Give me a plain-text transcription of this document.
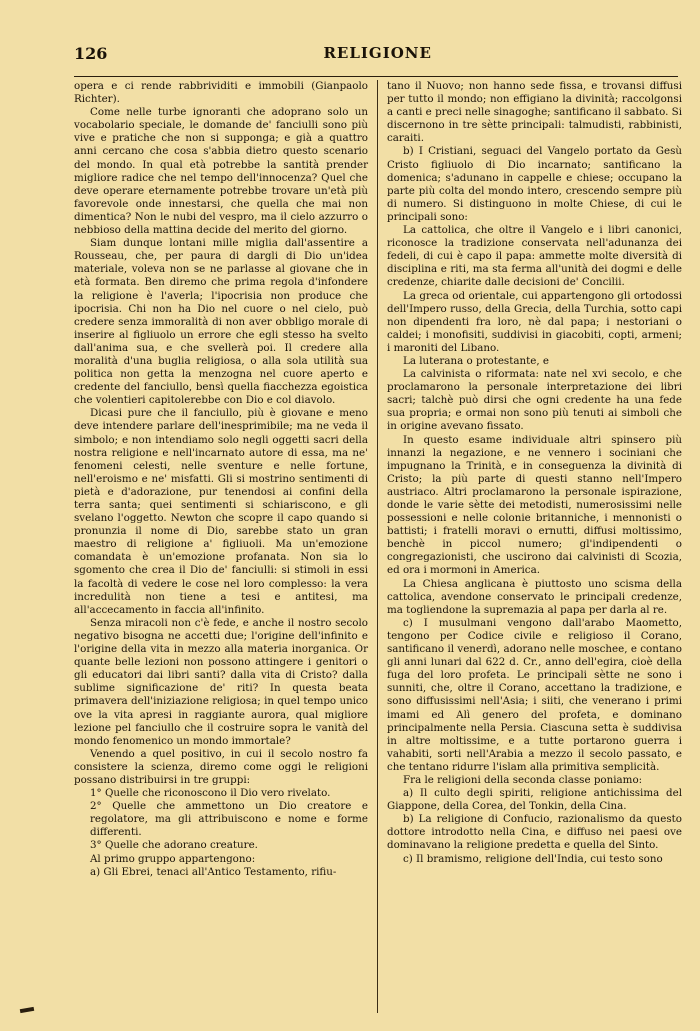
126	RELIGIONE

opera e ci rende rabbrividiti e immobili (Gianpaolo Richter).

Come nelle turbe ignoranti che adoprano solo un vocabolario speciale, le domande de' fanciulli sono più vive e pratiche che non si supponga; e già a quattro anni cercano che cosa s'abbia dietro questo scenario del mondo. In qual età potrebbe la santità prender migliore radice che nel tempo dell'innocenza? Quel che deve operare eternamente potrebbe trovare un'età più favorevole onde innestarsi, che quella che mai non dimentica? Non le nubi del vespro, ma il cielo azzurro o nebbioso della mattina decide del merito del giorno.

Siam dunque lontani mille miglia dall'assentire a Rousseau, che, per paura di dargli di Dio un'idea materiale, voleva non se ne parlasse al giovane che in età formata. Ben diremo che prima regola d'infondere la religione è l'averla; l'ipocrisia non produce che ipocrisia. Chi non ha Dio nel cuore o nel cielo, può credere senza immoralità di non aver obbligo morale di inserire al figliuolo un errore che egli stesso ha svelto dall'anima sua, e che svellerà poi. Il credere alla moralità d'una buglia religiosa, o alla sola utilità sua politica non getta la menzogna nel cuore aperto e credente del fanciullo, bensì quella fiacchezza egoistica che volentieri capitolerebbe con Dio e col diavolo.

Dicasi pure che il fanciullo, più è giovane e meno deve intendere parlare dell'inesprimibile; ma ne veda il simbolo; e non intendiamo solo negli oggetti sacri della nostra religione e nell'incarnato autore di essa, ma ne' fenomeni celesti, nelle sventure e nelle fortune, nell'eroismo e ne' misfatti. Gli si mostrino sentimenti di pietà e d'adorazione, pur tenendosi ai confini della terra santa; quei sentimenti si schiariscono, e gli svelano l'oggetto. Newton che scopre il capo quando si pronunzia il nome di Dio, sarebbe stato un gran maestro di religione a' figliuoli. Ma un'emozione comandata è un'emozione profanata. Non sia lo sgomento che crea il Dio de' fanciulli: si stimoli in essi la facoltà di vedere le cose nel loro complesso: la vera incredulità non tiene a tesi e antitesi, ma all'accecamento in faccia all'infinito.

Senza miracoli non c'è fede, e anche il nostro secolo negativo bisogna ne accetti due; l'origine dell'infinito e l'origine della vita in mezzo alla materia inorganica. Or quante belle lezioni non possono attingere i genitori o gli educatori dai libri santi? dalla vita di Cristo? dalla sublime significazione de' riti? In questa beata primavera dell'iniziazione religiosa; in quel tempo unico ove la vita apresi in raggiante aurora, qual migliore lezione pel fanciullo che il costruire sopra le vanità del mondo fenomenico un mondo immortale?

Venendo a quel positivo, in cui il secolo nostro fa consistere la scienza, diremo come oggi le religioni possano distribuirsi in tre gruppi:

1° Quelle che riconoscono il Dio vero rivelato.

2° Quelle che ammettono un Dio creatore e regolatore, ma gli attribuiscono e nome e forme differenti.

3° Quelle che adorano creature.

Al primo gruppo appartengono:

a) Gli Ebrei, tenaci all'Antico Testamento, rifiu-

tano il Nuovo; non hanno sede fissa, e trovansi diffusi per tutto il mondo; non effigiano la divinità; raccolgonsi a canti e preci nelle sinagoghe; santificano il sabbato. Si discernono in tre sètte principali: talmudisti, rabbinisti, caraiti.

b) I Cristiani, seguaci del Vangelo portato da Gesù Cristo figliuolo di Dio incarnato; santificano la domenica; s'adunano in cappelle e chiese; occupano la parte più colta del mondo intero, crescendo sempre più di numero. Si distinguono in molte Chiese, di cui le principali sono:

La cattolica, che oltre il Vangelo e i libri canonici, riconosce la tradizione conservata nell'adunanza dei fedeli, di cui è capo il papa: ammette molte diversità di disciplina e riti, ma sta ferma all'unità dei dogmi e delle credenze, chiarite dalle decisioni de' Concilii.

La greca od orientale, cui appartengono gli ortodossi dell'Impero russo, della Grecia, della Turchia, sotto capi non dipendenti fra loro, nè dal papa; i nestoriani o caldei; i monofisiti, suddivisi in giacobiti, copti, armeni; i maroniti del Libano.

La luterana o protestante, e

La calvinista o riformata: nate nel xvi secolo, e che proclamarono la personale interpretazione dei libri sacri; talchè può dirsi che ogni credente ha una fede sua propria; e ormai non sono più tenuti ai simboli che in origine avevano fissato.

In questo esame individuale altri spinsero più innanzi la negazione, e ne vennero i sociniani che impugnano la Trinità, e in conseguenza la divinità di Cristo; la più parte di questi stanno nell'Impero austriaco. Altri proclamarono la personale ispirazione, donde le varie sètte dei metodisti, numerosissimi nelle possessioni e nelle colonie britanniche, i mennonisti o battisti; i fratelli moravi o ernutti, diffusi moltissimo, benchè in piccol numero; gl'indipendenti o congregazionisti, che uscirono dai calvinisti di Scozia, ed ora i mormoni in America.

La Chiesa anglicana è piuttosto uno scisma della cattolica, avendone conservato le principali credenze, ma togliendone la supremazia al papa per darla al re.

c) I musulmani vengono dall'arabo Maometto, tengono per Codice civile e religioso il Corano, santificano il venerdì, adorano nelle moschee, e contano gli anni lunari dal 622 d. Cr., anno dell'egira, cioè della fuga del loro profeta. Le principali sètte ne sono i sunniti, che, oltre il Corano, accettano la tradizione, e sono diffusissimi nell'Asia; i siiti, che venerano i primi imami ed Alì genero del profeta, e dominano principalmente nella Persia. Ciascuna setta è suddivisa in altre moltissime, e a tutte portarono guerra i vahabiti, sorti nell'Arabia a mezzo il secolo passato, e che tentano ridurre l'islam alla primitiva semplicità.

Fra le religioni della seconda classe poniamo:

a) Il culto degli spiriti, religione antichissima del Giappone, della Corea, del Tonkin, della Cina.

b) La religione di Confucio, razionalismo da questo dottore introdotto nella Cina, e diffuso nei paesi ove dominavano la religione predetta e quella del Sinto.

c) Il bramismo, religione dell'India, cui testo sono
